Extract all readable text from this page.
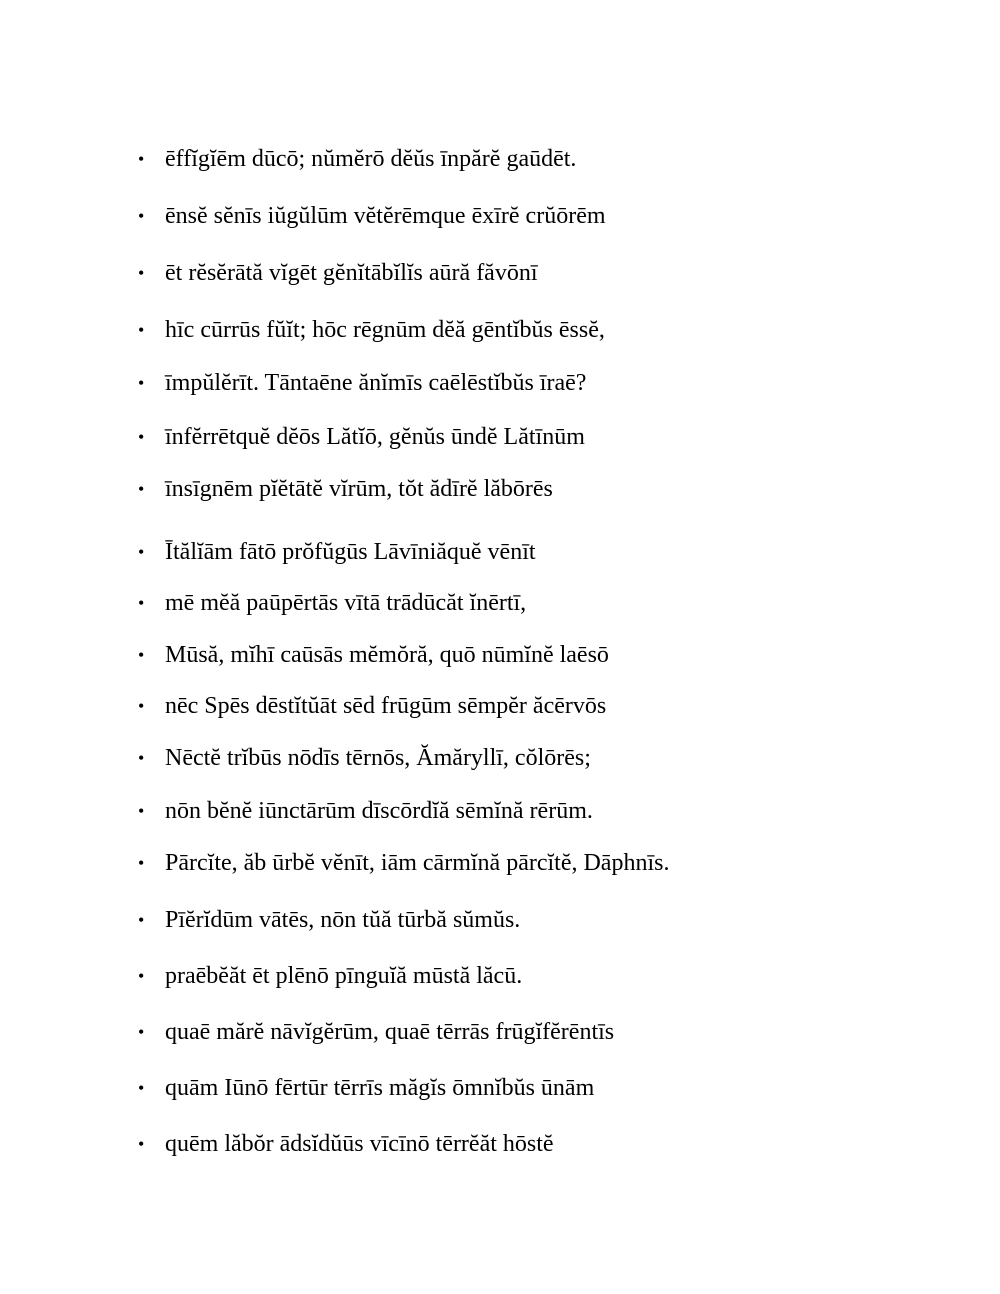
• ēffĭgĭēm dūcō; nŭmĕrō dĕŭs īnpărĕ gaūdēt.
• ēnsĕ sĕnīs iŭgŭlūm vĕtĕrēmque ēxīrĕ crŭōrēm
• ēt rĕsĕrātă vĭgēt gĕnĭtābĭlĭs aūră făvōnī
• hīc cūrrūs fŭĭt; hōc rēgnūm dĕă gēntĭbŭs ēssĕ,
• īmpŭlĕrīt. Tāntaēne ănĭmīs caēlēstĭbŭs īraē?
• īnfĕrrētquĕ dĕōs Lătĭō, gĕnŭs ūndĕ Lătīnūm
• īnsīgnēm pĭĕtātĕ vĭrūm, tŏt ădīrĕ lăbōrēs
• Ītălĭām fātō prŏfŭgūs Lāvīniăquĕ vēnīt
• mē mĕă paūpērtās vītā trādūcăt ĭnērtī,
• Mūsă, mĭhī caūsās mĕmŏră, quō nūmĭnĕ laēsō
• nēc Spēs dēstĭtŭāt sēd frūgūm sēmpĕr ăcērvōs
• Nēctĕ trĭbūs nōdīs tērnōs, Ămăryllī, cŏlōrēs;
• nōn bĕnĕ iūnctārūm dīscōrdĭă sēmĭnă rērūm.
• Pārcĭte, ăb ūrbĕ vĕnīt, iām cārmĭnă pārcĭtĕ, Dāphnīs.
• Pīĕrĭdūm vātēs, nōn tŭă tūrbă sŭmŭs.
• praēbĕăt ēt plēnō pīnguĭă mūstă lăcū.
• quaē mărĕ nāvĭgĕrūm, quaē tērrās frūgĭfĕrēntīs
• quām Iūnō fērtūr tērrīs măgĭs ōmnĭbŭs ūnām
• quēm lăbŏr ādsĭdŭūs vīcīnō tērrĕăt hōstĕ
